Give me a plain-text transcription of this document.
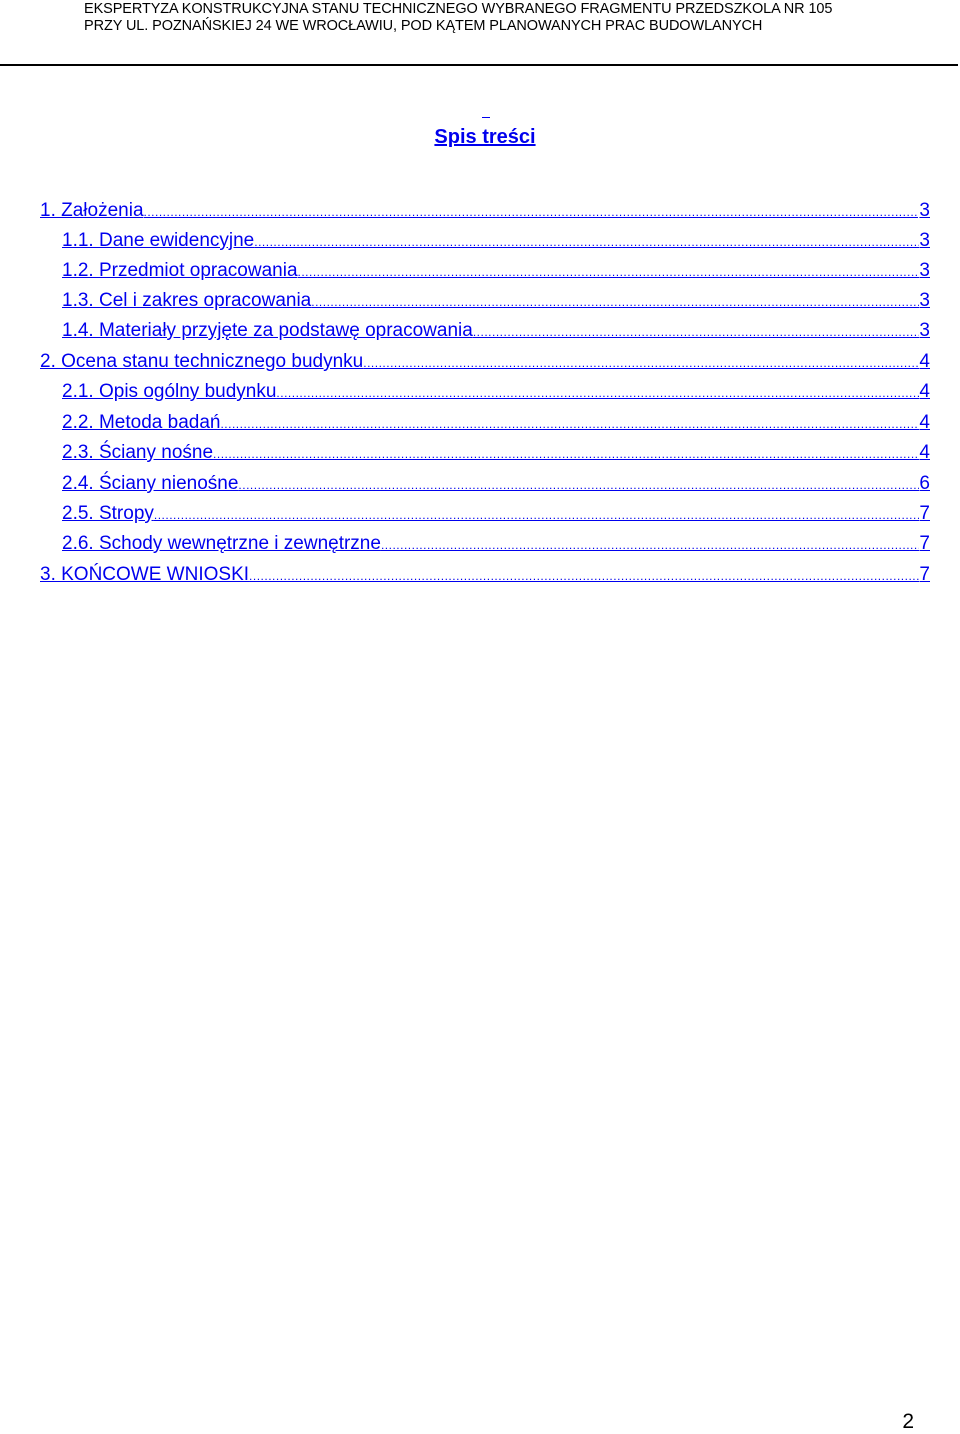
EKSPERTYZA KONSTRUKCYJNA STANU TECHNICZNEGO WYBRANEGO FRAGMENTU PRZEDSZKOLA NR 105
PRZY UL. POZNAŃSKIEJ 24 WE WROCŁAWIU, POD KĄTEM PLANOWANYCH PRAC BUDOWLANYCH
Spis treści
1. Założenia .....	3
1.1. Dane ewidencyjne .....	3
1.2. Przedmiot opracowania .....	3
1.3. Cel i zakres opracowania .....	3
1.4. Materiały przyjęte za podstawę opracowania .....	3
2. Ocena stanu technicznego budynku .....	4
2.1. Opis ogólny budynku .....	4
2.2. Metoda badań .....	4
2.3. Ściany nośne .....	4
2.4. Ściany nienośne .....	6
2.5. Stropy .....	7
2.6. Schody wewnętrzne i zewnętrzne .....	7
3. KOŃCOWE WNIOSKI .....	7
2
